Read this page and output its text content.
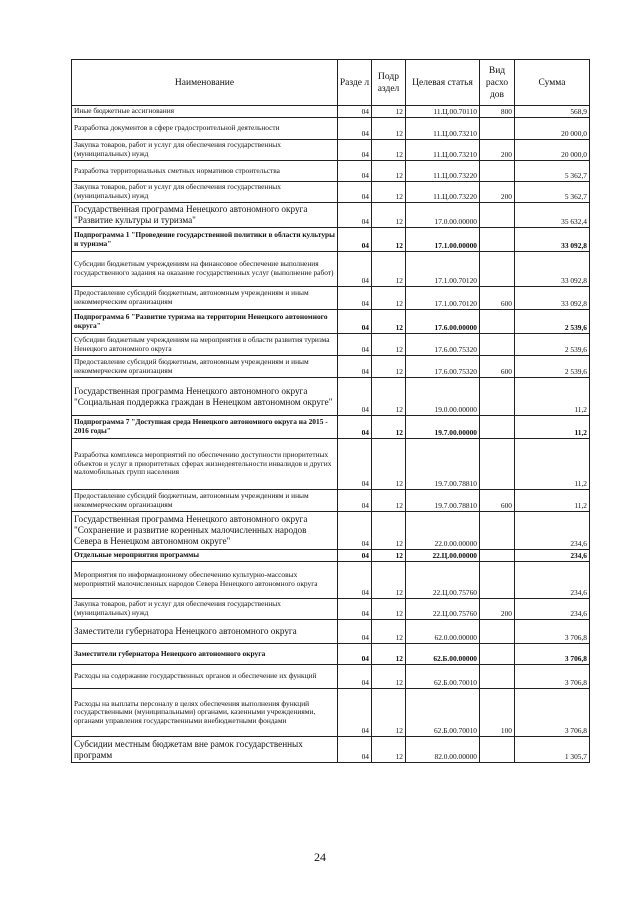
Наименование	Разде л	Подр аздел	Целевая статья	Вид расхо дов	Сумма
Иные бюджетные ассигнования	04	12	11.Ц.00.70110	800	568,9
Разработка документов в сфере градостроительной деятельности	04	12	11.Ц.00.73210		20 000,0
Закупка товаров, работ и услуг для обеспечения государственных (муниципальных) нужд	04	12	11.Ц.00.73210	200	20 000,0
Разработка территориальных сметных нормативов строительства	04	12	11.Ц.00.73220		5 362,7
Закупка товаров, работ и услуг для обеспечения государственных (муниципальных) нужд	04	12	11.Ц.00.73220	200	5 362,7
Государственная программа Ненецкого автономного округа "Развитие культуры и туризма"	04	12	17.0.00.00000		35 632,4
Подпрограмма 1 "Проведение государственной политики в области культуры и туризма"	04	12	17.1.00.00000		33 092,8
Субсидии бюджетным учреждениям на финансовое обеспечение выполнения государственного задания на оказание государственных услуг (выполнение работ)	04	12	17.1.00.70120		33 092,8
Предоставление субсидий бюджетным, автономным учреждениям и иным некоммерческим организациям	04	12	17.1.00.70120	600	33 092,8
Подпрограмма 6 "Развитие туризма на территории Ненецкого автономного округа"	04	12	17.6.00.00000		2 539,6
Субсидии бюджетным учреждениям на мероприятия в области развития туризма Ненецкого автономного округа	04	12	17.6.00.75320		2 539,6
Предоставление субсидий бюджетным, автономным учреждениям и иным некоммерческим организациям	04	12	17.6.00.75320	600	2 539,6
Государственная программа Ненецкого автономного округа "Социальная поддержка граждан в Ненецком автономном округе"	04	12	19.0.00.00000		11,2
Подпрограмма 7 "Доступная среда Ненецкого автономного округа на 2015 - 2016 годы"	04	12	19.7.00.00000		11,2
Разработка комплекса мероприятий по обеспечению доступности приоритетных объектов и услуг в приоритетных сферах жизнедеятельности инвалидов и других маломобильных групп населения	04	12	19.7.00.78810		11,2
Предоставление субсидий бюджетным, автономным учреждениям и иным некоммерческим организациям	04	12	19.7.00.78810	600	11,2
Государственная программа Ненецкого автономного округа "Сохранение и развитие коренных малочисленных народов Севера в Ненецком автономном округе"	04	12	22.0.00.00000		234,6
Отдельные мероприятия программы	04	12	22.Ц.00.00000		234,6
Мероприятия по информационному обеспечению культурно-массовых мероприятий малочисленных народов Севера Ненецкого автономного округа	04	12	22.Ц.00.75760		234,6
Закупка товаров, работ и услуг для обеспечения государственных (муниципальных) нужд	04	12	22.Ц.00.75760	200	234,6
Заместители губернатора Ненецкого автономного округа	04	12	62.0.00.00000		3 706,8
Заместители губернатора Ненецкого автономного округа	04	12	62.Б.00.00000		3 706,8
Расходы на содержание государственных органов и обеспечение их функций	04	12	62.Б.00.70010		3 706,8
Расходы на выплаты персоналу в целях обеспечения выполнения функций государственными (муниципальными) органами, казенными учреждениями, органами управления государственными внебюджетными фондами	04	12	62.Б.00.70010	100	3 706,8
Субсидии местным бюджетам вне рамок государственных программ	04	12	82.0.00.00000		1 305,7
24
